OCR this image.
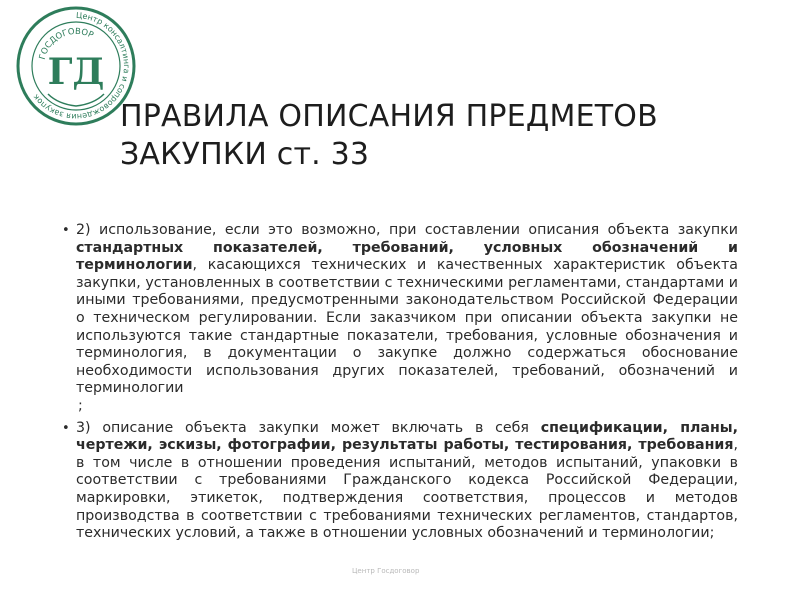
Центр консалтинга и сопровождения закупок
ГОСДОГОВОР
ГД
ПРАВИЛА ОПИСАНИЯ ПРЕДМЕТОВ
ЗАКУПКИ ст. 33

• 2) использование, если это возможно, при составлении описания объекта закупки стандартных показателей, требований, условных обозначений и терминологии, касающихся технических и качественных характеристик объекта закупки, установленных в соответствии с техническими регламентами, стандартами и иными требованиями, предусмотренными законодательством Российской Федерации о техническом регулировании. Если заказчиком при описании объекта закупки не используются такие стандартные показатели, требования, условные обозначения и терминология, в документации о закупке должно содержаться обоснование необходимости использования других показателей, требований, обозначений и терминологии
;

• 3) описание объекта закупки может включать в себя спецификации, планы, чертежи, эскизы, фотографии, результаты работы, тестирования, требования, в том числе в отношении проведения испытаний, методов испытаний, упаковки в соответствии с требованиями Гражданского кодекса Российской Федерации, маркировки, этикеток, подтверждения соответствия, процессов и методов производства в соответствии с требованиями технических регламентов, стандартов, технических условий, а также в отношении условных обозначений и терминологии;

Центр Госдоговор
